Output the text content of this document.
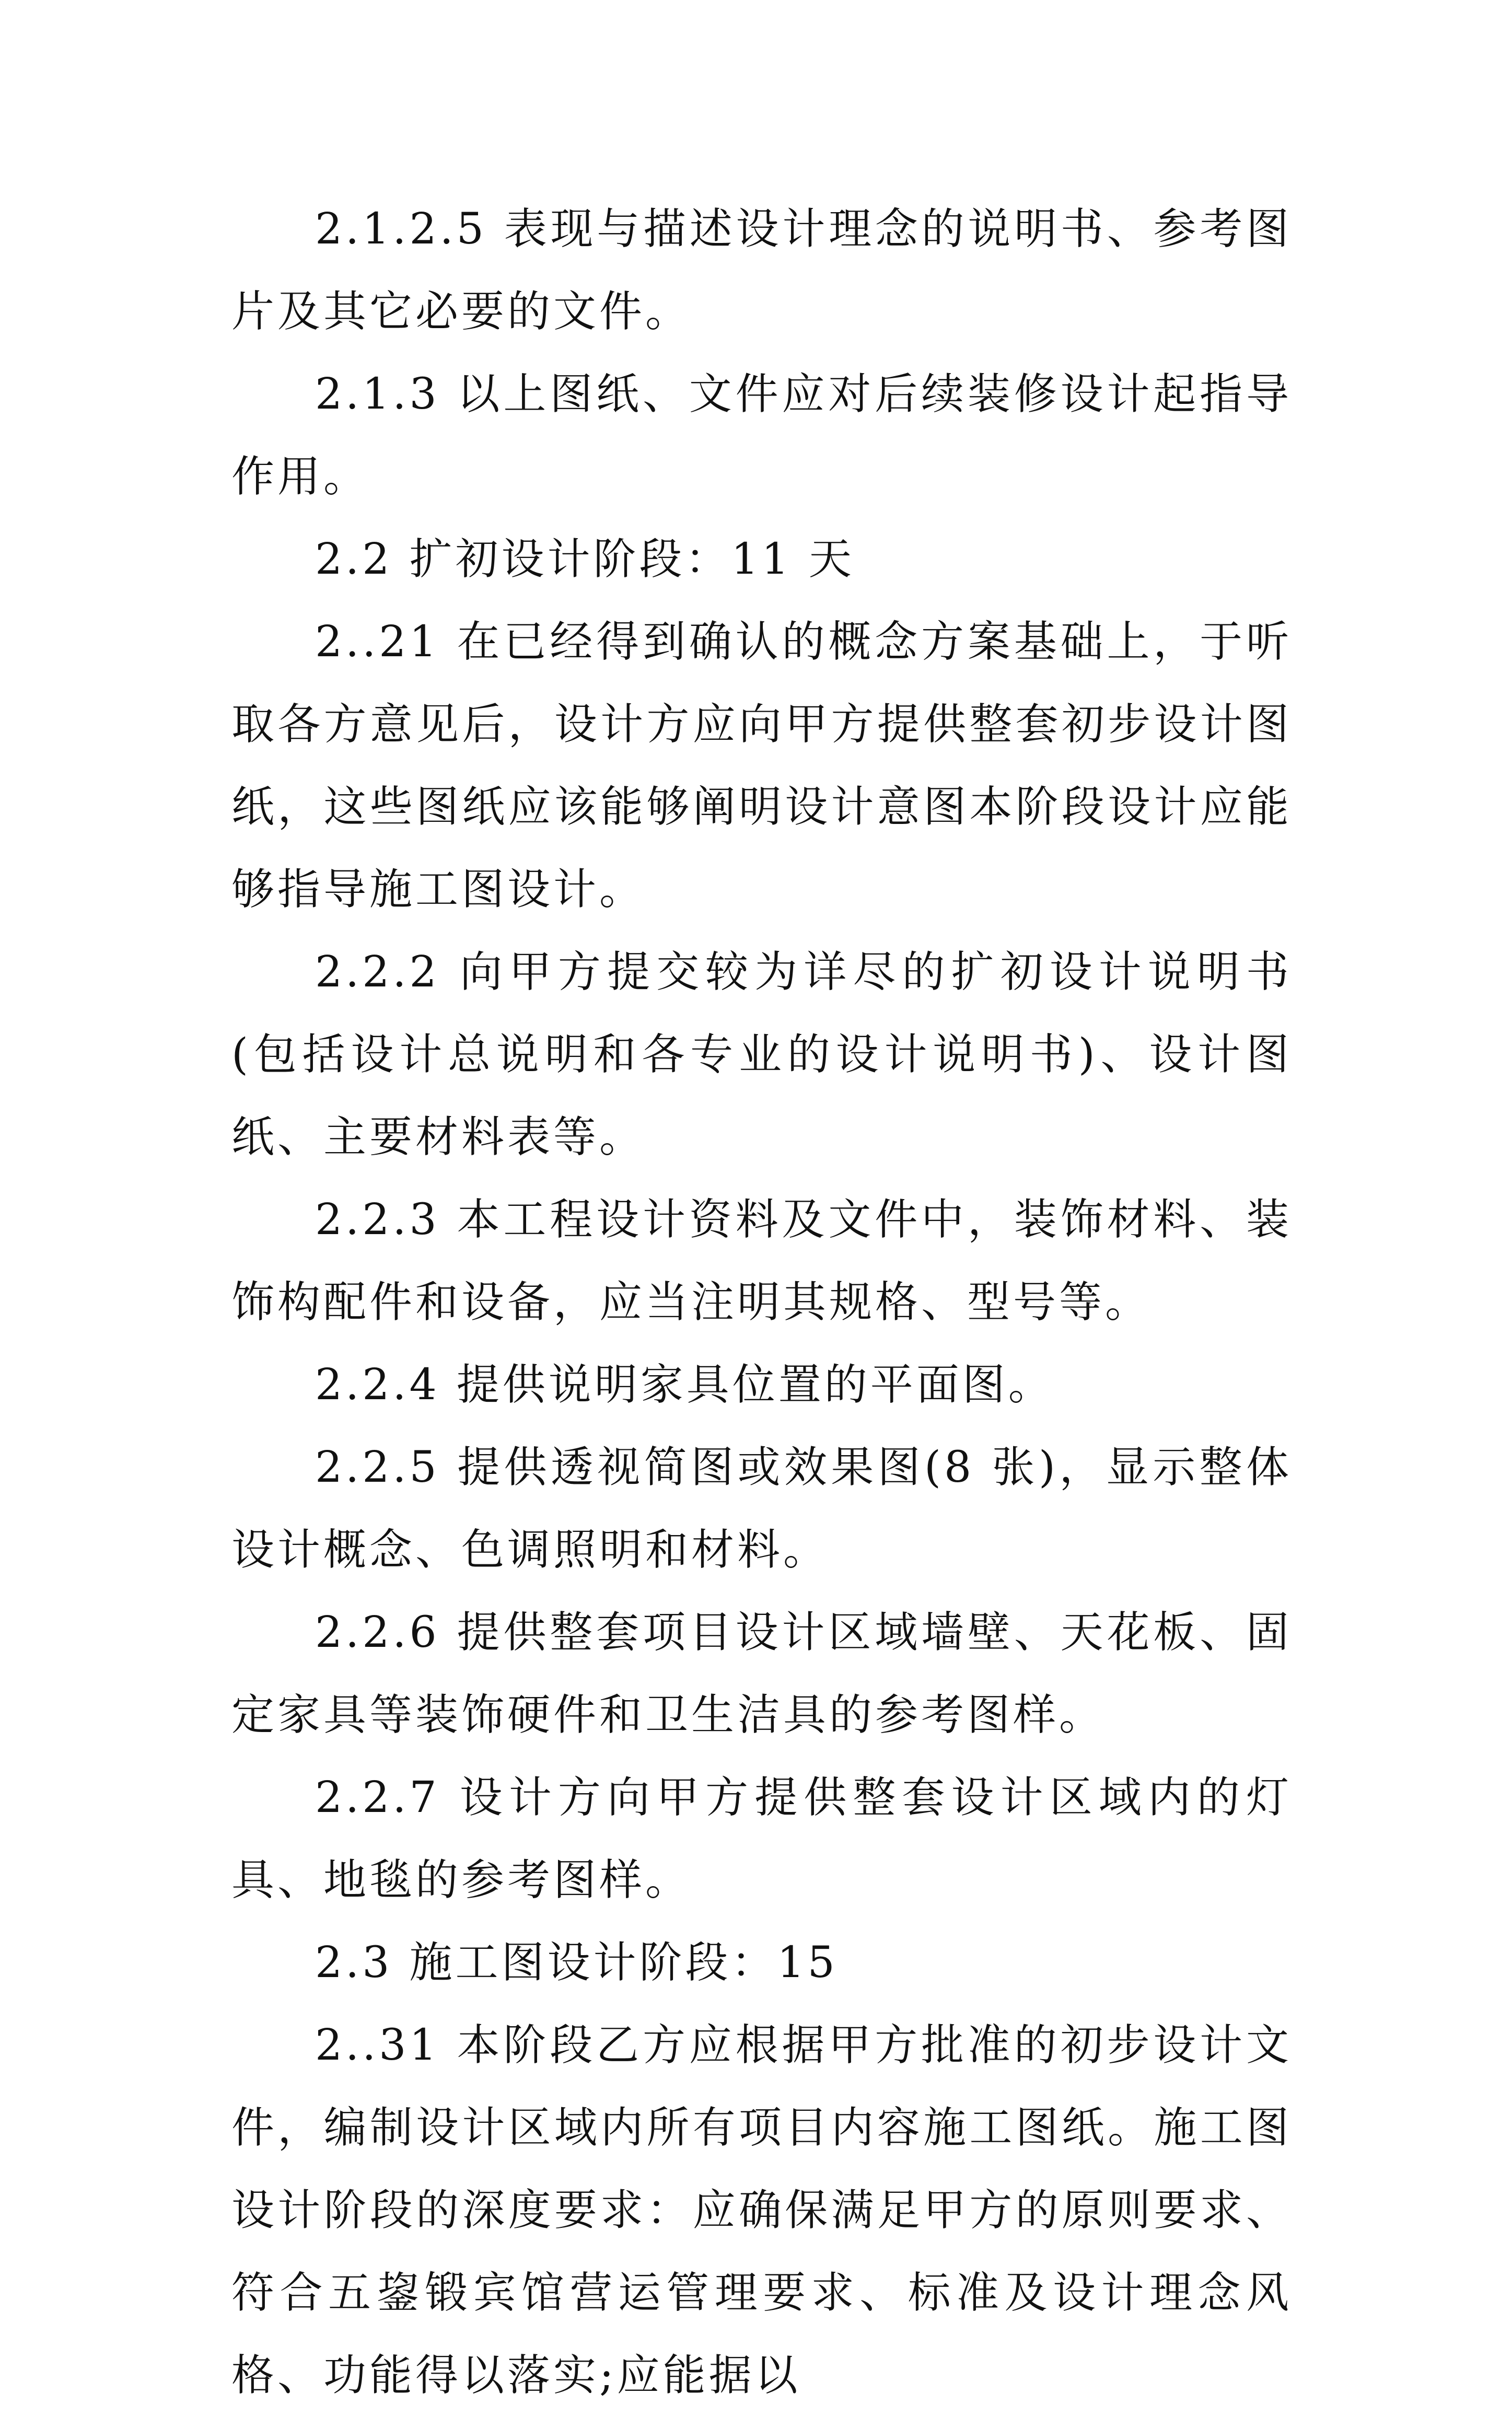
2.1.2.5 表现与描述设计理念的说明书、参考图片及其它必要的文件。

2.1.3 以上图纸、文件应对后续装修设计起指导作用。

2.2 扩初设计阶段：11 天

2..21 在已经得到确认的概念方案基础上，于听取各方意见后，设计方应向甲方提供整套初步设计图纸，这些图纸应该能够阐明设计意图本阶段设计应能够指导施工图设计。

2.2.2 向甲方提交较为详尽的扩初设计说明书(包括设计总说明和各专业的设计说明书)、设计图纸、主要材料表等。

2.2.3 本工程设计资料及文件中，装饰材料、装饰构配件和设备，应当注明其规格、型号等。

2.2.4 提供说明家具位置的平面图。

2.2.5 提供透视简图或效果图(8 张)，显示整体设计概念、色调照明和材料。

2.2.6 提供整套项目设计区域墙壁、天花板、固定家具等装饰硬件和卫生洁具的参考图样。

2.2.7 设计方向甲方提供整套设计区域内的灯具、地毯的参考图样。

2.3 施工图设计阶段：15

2..31 本阶段乙方应根据甲方批准的初步设计文件，编制设计区域内所有项目内容施工图纸。施工图设计阶段的深度要求：应确保满足甲方的原则要求、符合五鋆锻宾馆营运管理要求、标准及设计理念风格、功能得以落实;应能据以
